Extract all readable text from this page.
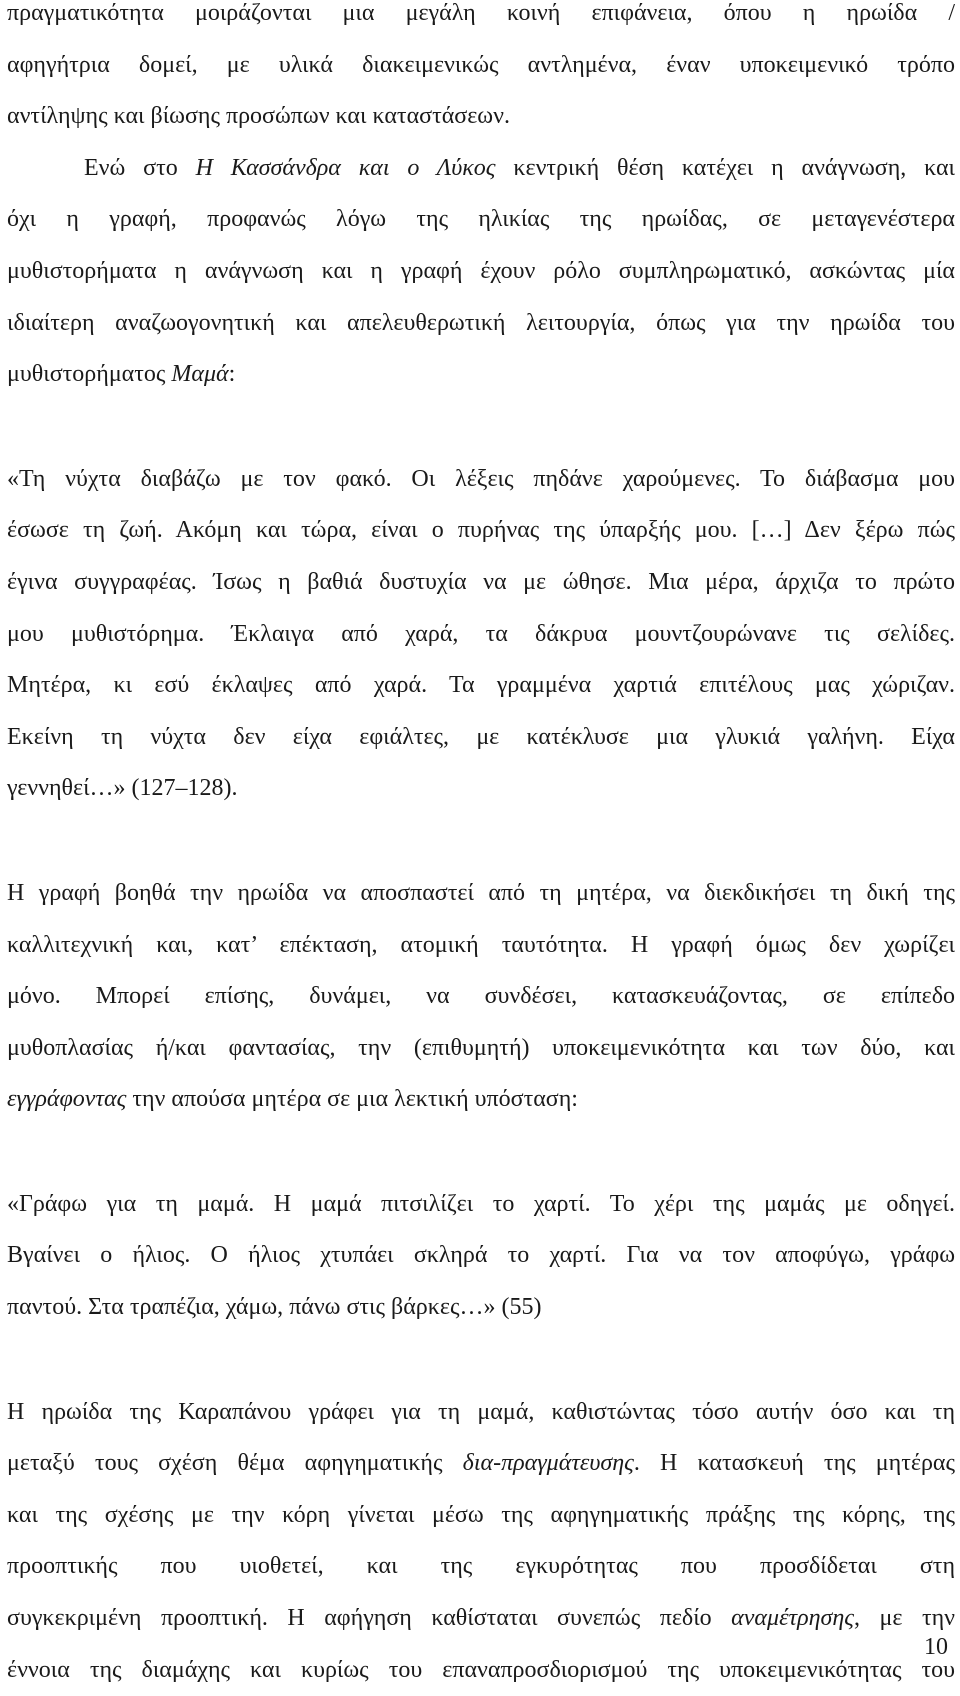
πραγματικότητα μοιράζονται μια μεγάλη κοινή επιφάνεια, όπου η ηρωίδα /
αφηγήτρια δομεί, με υλικά διακειμενικώς αντλημένα, έναν υποκειμενικό τρόπο
αντίληψης και βίωσης προσώπων και καταστάσεων.

Ενώ στο Η Κασσάνδρα και ο Λύκος κεντρική θέση κατέχει η ανάγνωση, και
όχι η γραφή, προφανώς λόγω της ηλικίας της ηρωίδας, σε μεταγενέστερα
μυθιστορήματα η ανάγνωση και η γραφή έχουν ρόλο συμπληρωματικό, ασκώντας μία
ιδιαίτερη αναζωογονητική και απελευθερωτική λειτουργία, όπως για την ηρωίδα του
μυθιστορήματος Μαμά:

«Τη νύχτα διαβάζω με τον φακό. Οι λέξεις πηδάνε χαρούμενες. Το διάβασμα μου
έσωσε τη ζωή. Ακόμη και τώρα, είναι ο πυρήνας της ύπαρξής μου. […] Δεν ξέρω πώς
έγινα συγγραφέας. Ίσως η βαθιά δυστυχία να με ώθησε. Μια μέρα, άρχιζα το πρώτο
μου μυθιστόρημα. Έκλαιγα από χαρά, τα δάκρυα μουντζουρώνανε τις σελίδες.
Μητέρα, κι εσύ έκλαψες από χαρά. Τα γραμμένα χαρτιά επιτέλους μας χώριζαν.
Εκείνη τη νύχτα δεν είχα εφιάλτες, με κατέκλυσε μια γλυκιά γαλήνη. Είχα
γεννηθεί…» (127–128).

Η γραφή βοηθά την ηρωίδα να αποσπαστεί από τη μητέρα, να διεκδικήσει τη δική της
καλλιτεχνική και, κατ’ επέκταση, ατομική ταυτότητα. Η γραφή όμως δεν χωρίζει
μόνο. Μπορεί επίσης, δυνάμει, να συνδέσει, κατασκευάζοντας, σε επίπεδο
μυθοπλασίας ή/και φαντασίας, την (επιθυμητή) υποκειμενικότητα και των δύο, και
εγγράφοντας την απούσα μητέρα σε μια λεκτική υπόσταση:

«Γράφω για τη μαμά. Η μαμά πιτσιλίζει το χαρτί. Το χέρι της μαμάς με οδηγεί.
Βγαίνει ο ήλιος. Ο ήλιος χτυπάει σκληρά το χαρτί. Για να τον αποφύγω, γράφω
παντού. Στα τραπέζια, χάμω, πάνω στις βάρκες…» (55)

Η ηρωίδα της Καραπάνου γράφει για τη μαμά, καθιστώντας τόσο αυτήν όσο και τη
μεταξύ τους σχέση θέμα αφηγηματικής δια-πραγμάτευσης. Η κατασκευή της μητέρας
και της σχέσης με την κόρη γίνεται μέσω της αφηγηματικής πράξης της κόρης, της
προοπτικής που υιοθετεί, και της εγκυρότητας που προσδίδεται στη
συγκεκριμένη προοπτική. Η αφήγηση καθίσταται συνεπώς πεδίο αναμέτρησης, με την
έννοια της διαμάχης και κυρίως του επαναπροσδιορισμού της υποκειμενικότητας του

10
